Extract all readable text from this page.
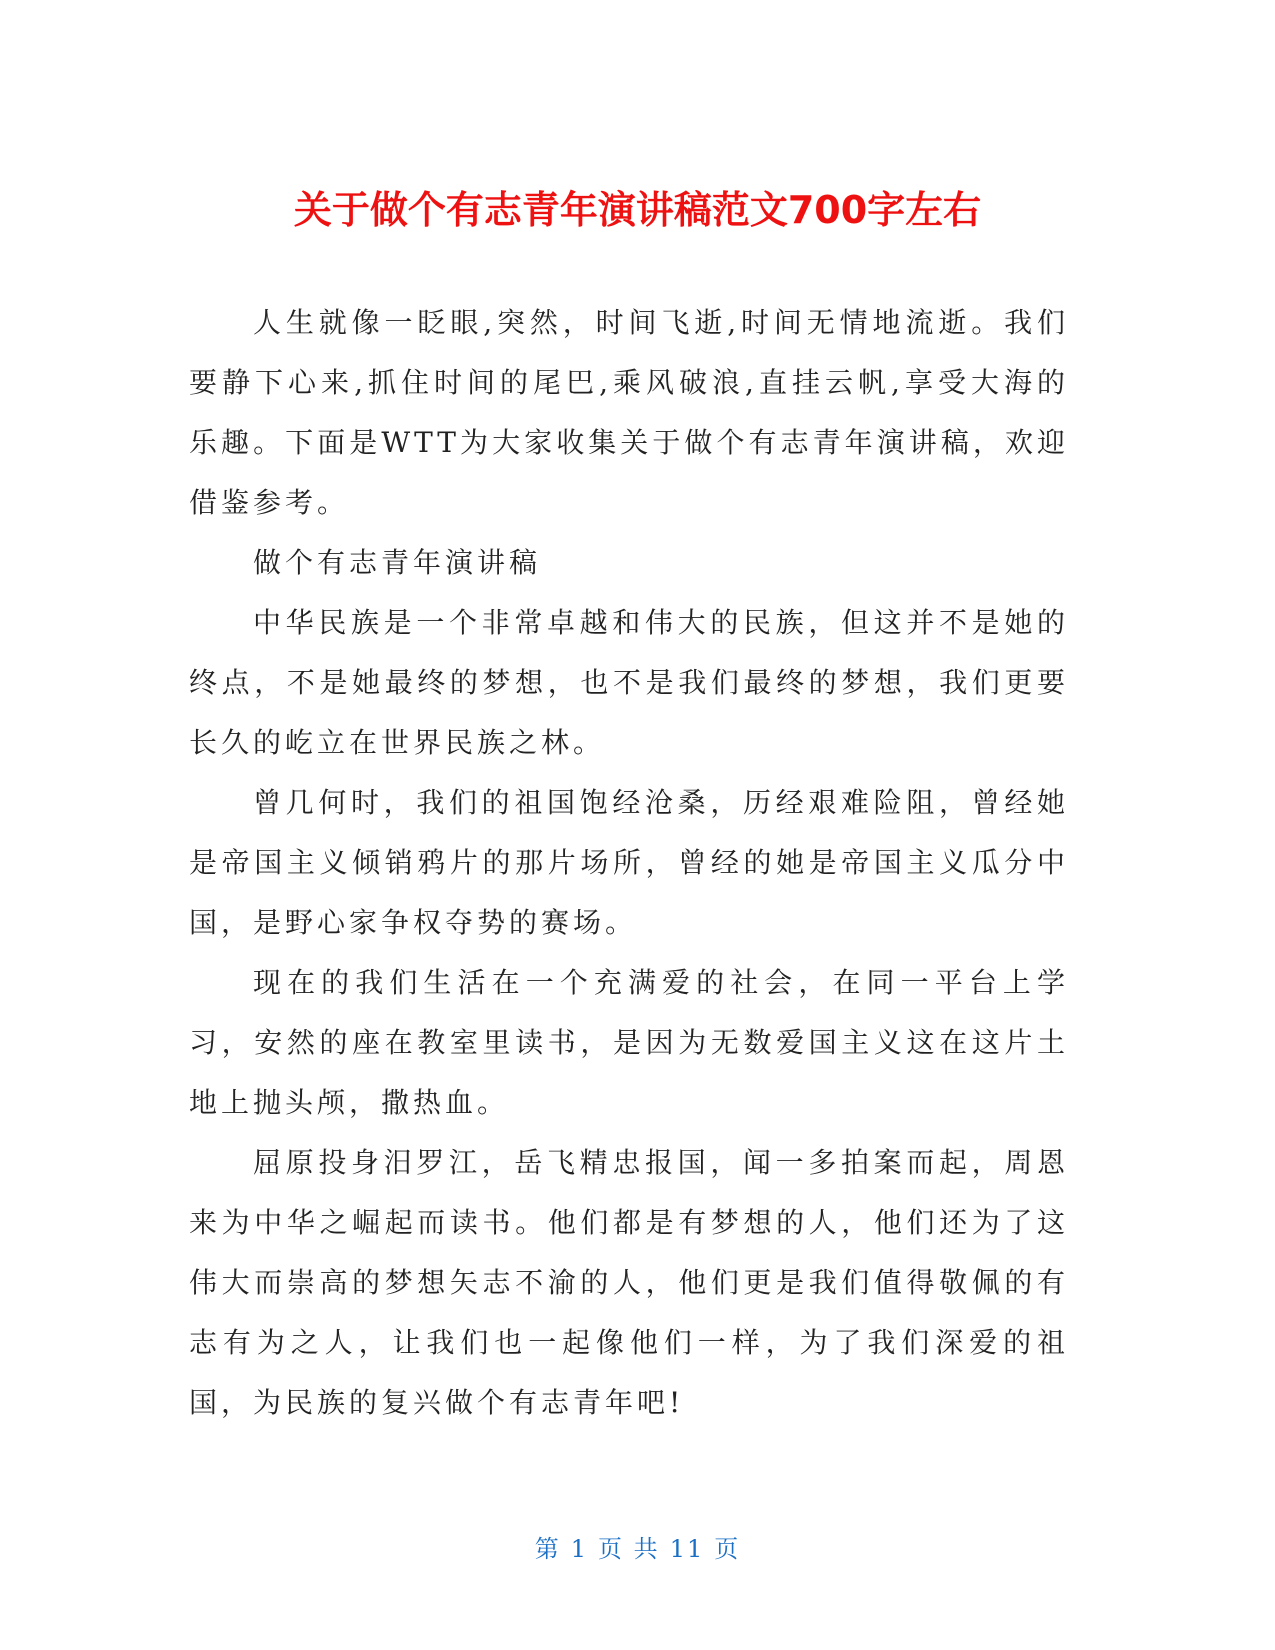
关于做个有志青年演讲稿范文700字左右

人生就像一眨眼,突然，时间飞逝,时间无情地流逝。我们要静下心来,抓住时间的尾巴,乘风破浪,直挂云帆,享受大海的乐趣。下面是WTT为大家收集关于做个有志青年演讲稿，欢迎借鉴参考。

做个有志青年演讲稿

中华民族是一个非常卓越和伟大的民族，但这并不是她的终点，不是她最终的梦想，也不是我们最终的梦想，我们更要长久的屹立在世界民族之林。

曾几何时，我们的祖国饱经沧桑，历经艰难险阻，曾经她是帝国主义倾销鸦片的那片场所，曾经的她是帝国主义瓜分中国，是野心家争权夺势的赛场。

现在的我们生活在一个充满爱的社会，在同一平台上学习，安然的座在教室里读书，是因为无数爱国主义这在这片土地上抛头颅，撒热血。

屈原投身汨罗江，岳飞精忠报国，闻一多拍案而起，周恩来为中华之崛起而读书。他们都是有梦想的人，他们还为了这伟大而崇高的梦想矢志不渝的人，他们更是我们值得敬佩的有志有为之人，让我们也一起像他们一样，为了我们深爱的祖国，为民族的复兴做个有志青年吧!

第 1 页 共 11 页
